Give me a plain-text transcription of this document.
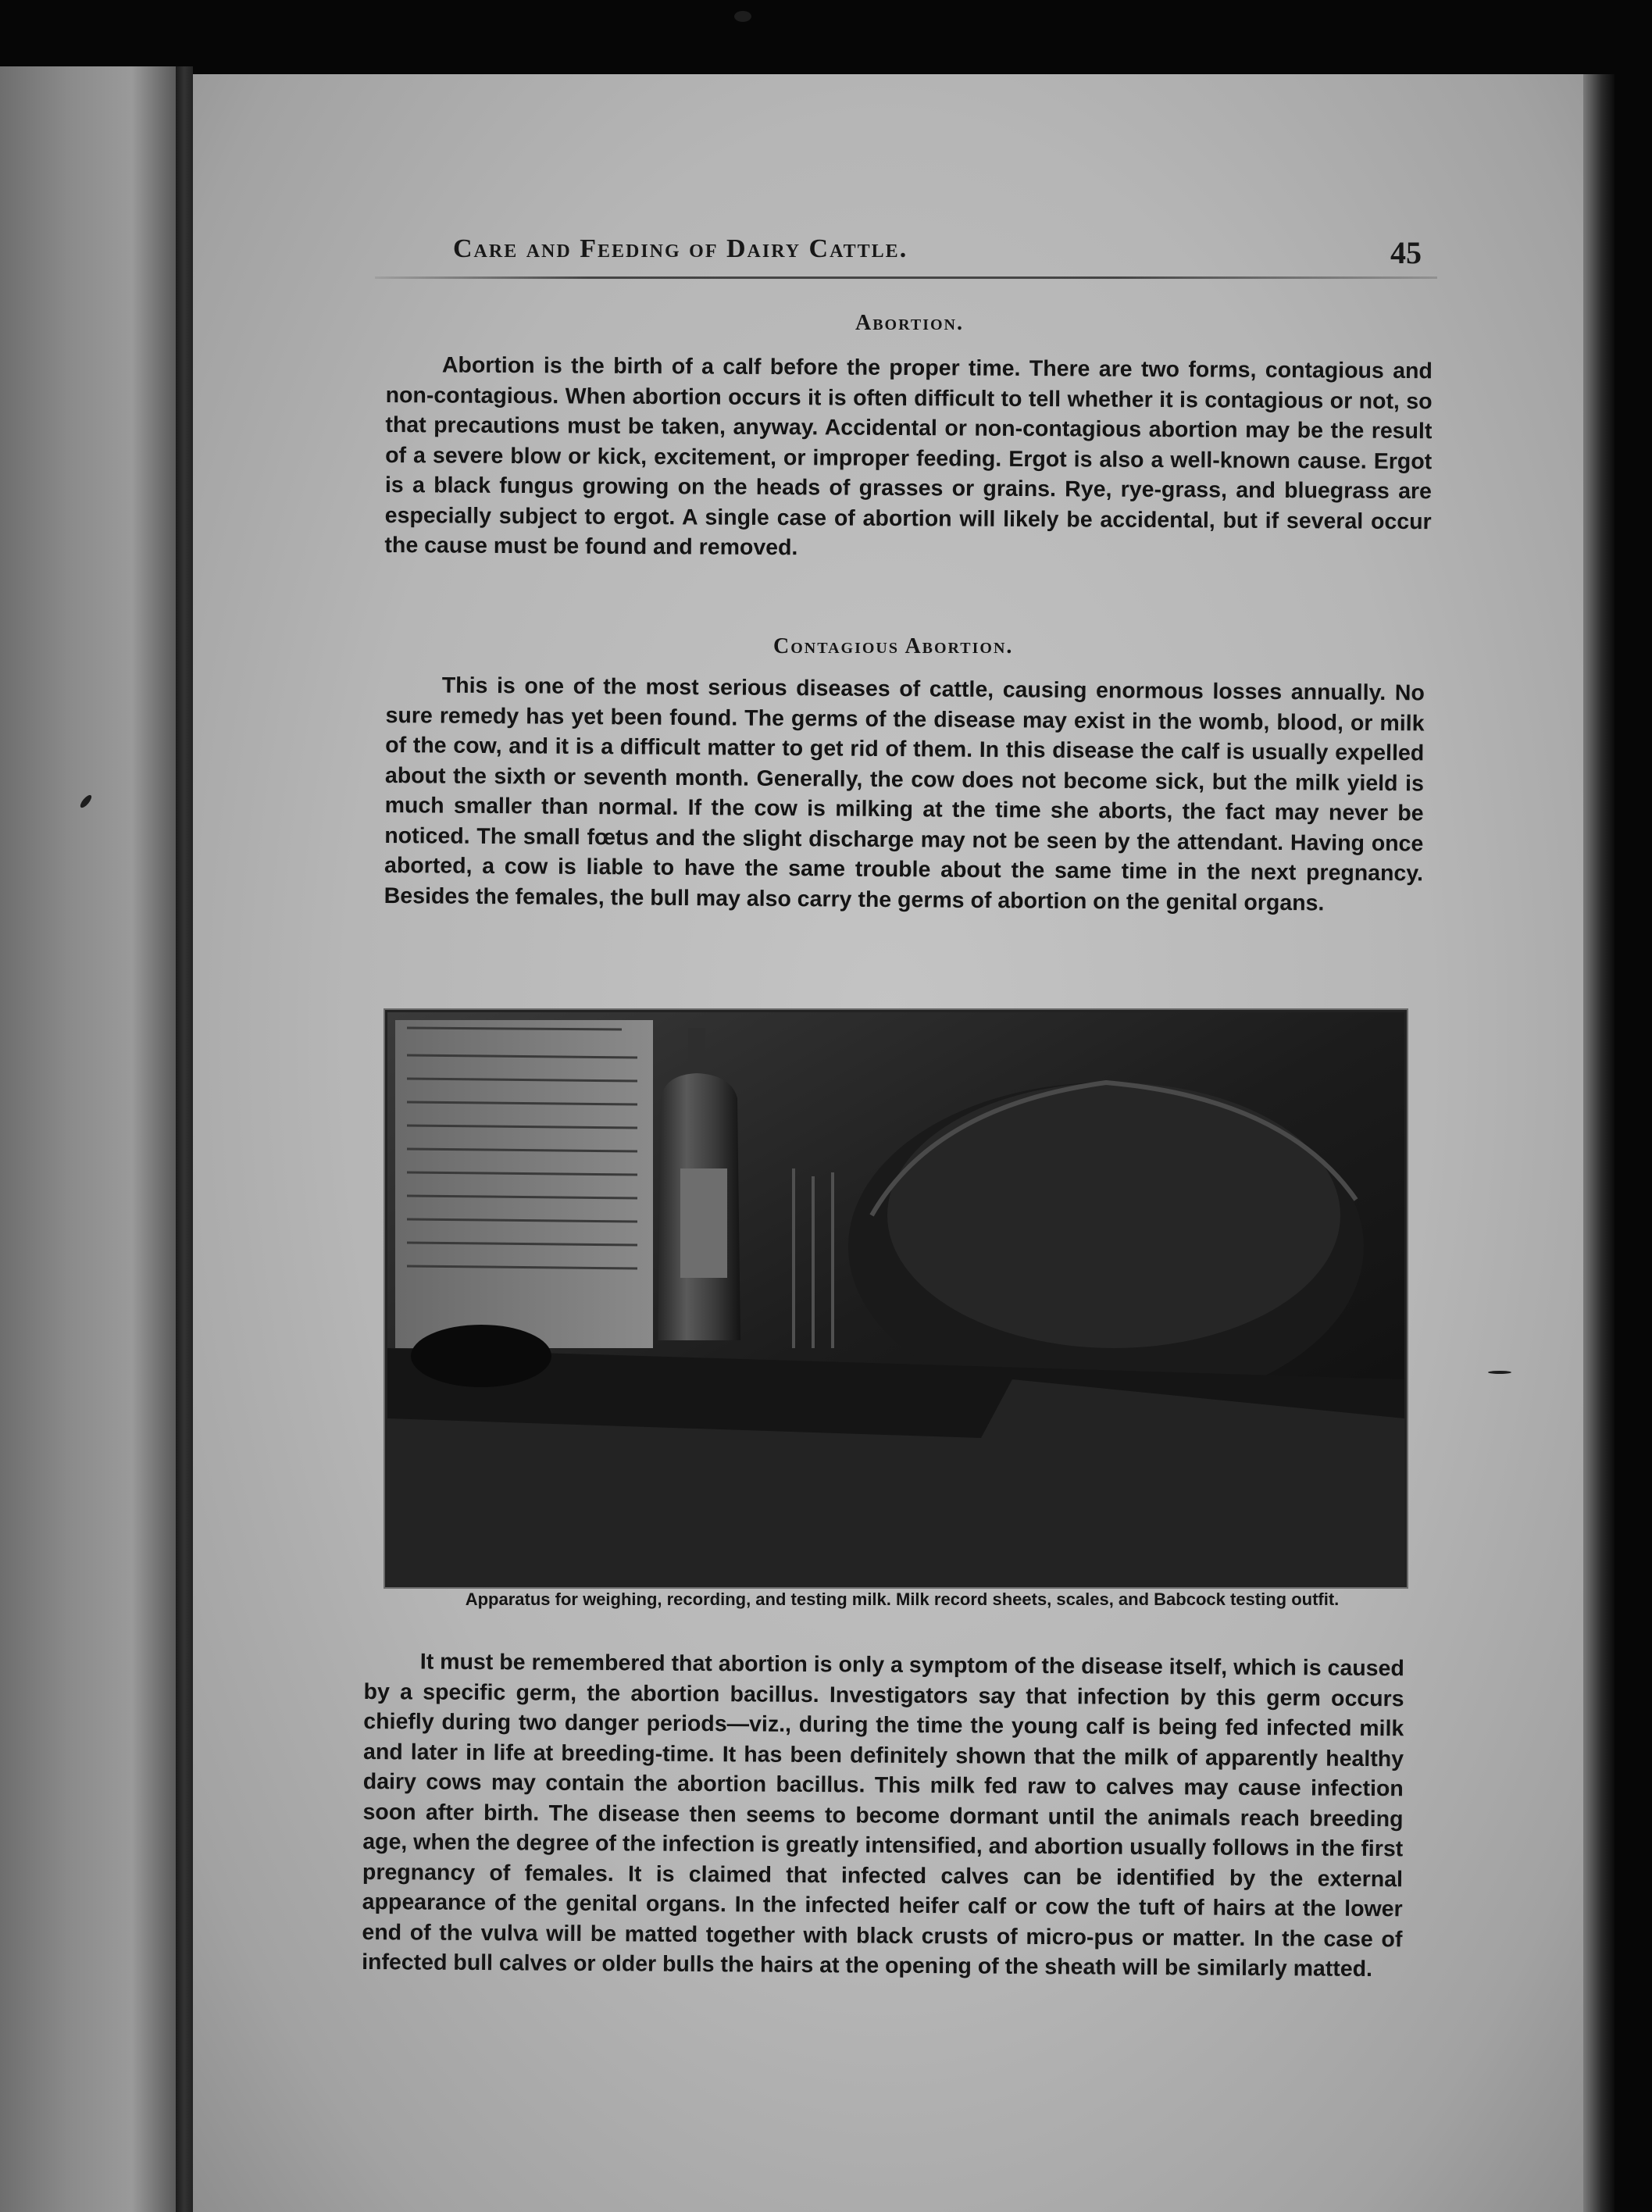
Care and Feeding of Dairy Cattle.	45
Abortion.

Abortion is the birth of a calf before the proper time. There are two forms, contagious and non-contagious. When abortion occurs it is often difficult to tell whether it is contagious or not, so that precautions must be taken, anyway. Accidental or non-contagious abortion may be the result of a severe blow or kick, excitement, or improper feeding. Ergot is also a well-known cause. Ergot is a black fungus growing on the heads of grasses or grains. Rye, rye-grass, and bluegrass are especially subject to ergot. A single case of abortion will likely be accidental, but if several occur the cause must be found and removed.

Contagious Abortion.

This is one of the most serious diseases of cattle, causing enormous losses annually. No sure remedy has yet been found. The germs of the disease may exist in the womb, blood, or milk of the cow, and it is a difficult matter to get rid of them. In this disease the calf is usually expelled about the sixth or seventh month. Generally, the cow does not become sick, but the milk yield is much smaller than normal. If the cow is milking at the time she aborts, the fact may never be noticed. The small fœtus and the slight discharge may not be seen by the attendant. Having once aborted, a cow is liable to have the same trouble about the same time in the next pregnancy. Besides the females, the bull may also carry the germs of abortion on the genital organs.

Apparatus for weighing, recording, and testing milk. Milk record sheets, scales, and Babcock testing outfit.

It must be remembered that abortion is only a symptom of the disease itself, which is caused by a specific germ, the abortion bacillus. Investigators say that infection by this germ occurs chiefly during two danger periods—viz., during the time the young calf is being fed infected milk and later in life at breeding-time. It has been definitely shown that the milk of apparently healthy dairy cows may contain the abortion bacillus. This milk fed raw to calves may cause infection soon after birth. The disease then seems to become dormant until the animals reach breeding age, when the degree of the infection is greatly intensified, and abortion usually follows in the first pregnancy of females. It is claimed that infected calves can be identified by the external appearance of the genital organs. In the infected heifer calf or cow the tuft of hairs at the lower end of the vulva will be matted together with black crusts of micro-pus or matter. In the case of infected bull calves or older bulls the hairs at the opening of the sheath will be similarly matted.
